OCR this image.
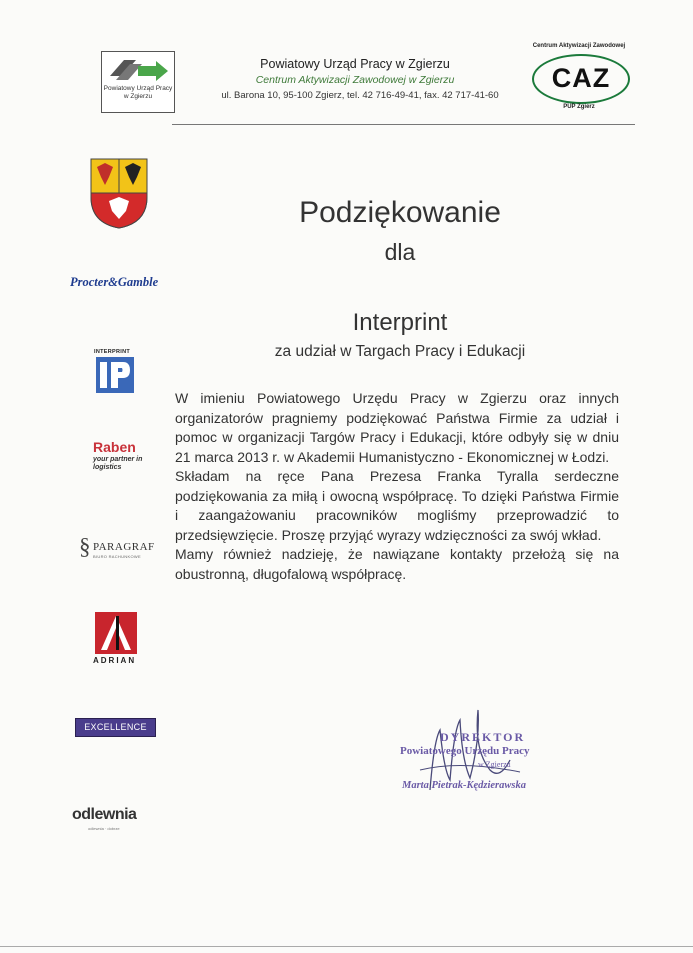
Powiatowy Urząd Pracy w Zgierzu
Powiatowy Urząd Pracy w Zgierzu
Centrum Aktywizacji Zawodowej w Zgierzu
ul. Barona 10, 95-100 Zgierz, tel. 42 716-49-41, fax. 42 717-41-60
Centrum Aktywizacji Zawodowej
CAZ
PUP Zgierz
Procter&Gamble
INTERPRINT
Raben
your partner in logistics
§ PARAGRAF
BIURO RACHUNKOWE
ADRIAN
EXCELLENCE
odlewnia
odlewnia · dobrze
Podziękowanie
dla
Interprint
za udział w Targach Pracy i Edukacji

W imieniu Powiatowego Urzędu Pracy w Zgierzu oraz innych organizatorów pragniemy podziękować Państwa Firmie za udział i pomoc w organizacji Targów Pracy i Edukacji, które odbyły się w dniu 21 marca 2013 r. w Akademii Humanistyczno - Ekonomicznej w Łodzi.

Składam na ręce Pana Prezesa Franka Tyralla serdeczne podziękowania za miłą i owocną współpracę. To dzięki Państwa Firmie i zaangażowaniu pracowników mogliśmy przeprowadzić to przedsięwzięcie. Proszę przyjąć wyrazy wdzięczności za swój wkład.

Mamy również nadzieję, że nawiązane kontakty przełożą się na obustronną, długofalową współpracę.

DYREKTOR
Powiatowego Urzędu Pracy
w Zgierzu
Marta Pietrak-Kędzierawska
